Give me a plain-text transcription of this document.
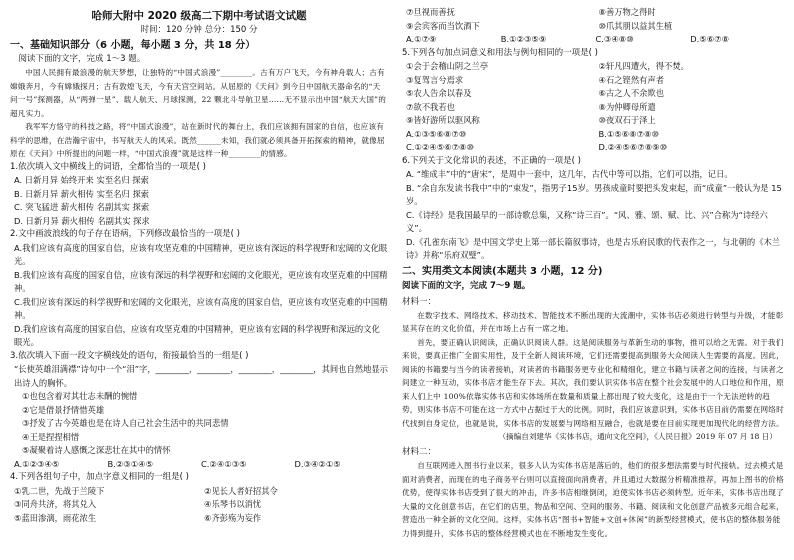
哈师大附中 2020 级高二下期中考试语文试题
时间：120 分钟 总分：150 分
一、基础知识部分（6 小题，每小题 3 分，共 18 分）
阅读下面的文字，完成 1～3 题。

中国人民拥有最浪漫的航天梦想，让独特的“中国式浪漫”________。古有万户飞天，今有神舟载人；古有嫦娥奔月，今有嫦娥探月；古有敦煌飞天，今有天宫空间站。从屈原的《天问》到今日中国航天器命名的“天问一号”探测器，从“两弹一星”、载人航天、月球探测，22 颗北斗导航卫星……无不显示出中国“航天大国”的超凡实力。

我军军方恪守的科技之路，将“中国式浪漫”，站在新时代的舞台上，我们应该拥有国家的自信，也应该有科学的思维，在浩瀚宇宙中，书写航天人的风采。既然______未知，我们就必须具备开拓探索的精神，就像屈原在《天问》中所提出的问题一样，“中国式浪漫”就是这样一种________的情感。

1.依次填入文中横线上的词语，全都恰当的一项是( )

A. 日新月异 始终开来 实至名归 探索

B. 日新月异 薪火相传 实至名归 探索

C. 突飞猛进 薪火相传 名副其实 探索

D. 日新月异 薪火相传 名副其实 探求

2.文中画波浪线的句子存在语病，下列修改最恰当的一项是( )

A.我们应该有高度的国家自信，应该有攻坚克难的中国精神，更应该有深远的科学视野和宏阔的文化眼光。

B.我们应该有高度的国家自信，应该有深远的科学视野和宏阔的文化眼光，更应该有攻坚克难的中国精神。

C.我们应该有深远的科学视野和宏阔的文化眼光，应该有高度的国家自信，更应该有攻坚克难的中国精神。

D.我们应该有高度的国家自信，应该有攻坚克难的中国精神，更应该有宏阔的科学视野和深远的文化眼光。

3.依次填入下面一段文字横线处的语句，衔接最恰当的一组是( )

“长使英雄泪满襟”诗句中一个“泪”字，________，________，________，________，其间也自然地显示出诗人的胸怀。

①也包含着对其壮志未酬的惋惜

②它是借景抒情惜英雄

③抒发了古今英雄也是在诗人自己社会生活中的共同悲情

④王是捏捏相惜

⑤凝聚着诗人感慨之深悲壮在其中的情怀

A.①②③④⑤	B.②③①④⑤	C.②④①③⑤	D.③④②①⑤

4.下列各组句子中，加点字意义相同的一组是( )

①乳二世，先战于兰陵下	②见长人者好招其令

③同舟共济，将其兑入	④乐琴书以消忧

⑤蓝田渗漓，雨花浓生	⑥齐彭殇为妄作

⑦旦视而善抚	⑧善万物之得时

⑨会宾客而当饮酒下	⑩爪其朋以益其生植

A.①⑦⑨	B.①②③⑤⑨	C.③④⑧⑩	D.⑤⑥⑦⑧

5.下列各句加点词意义和用法与例句相同的一项是( )

①会于会稽山阴之兰亭	②轩凡四遭火，得不焚。

③复驾言兮焉求	④石之铿然有声者

⑤农人告余以春及	⑥古之人不余欺也

⑦欲不我若也	⑧为仲卿母所遣

⑨皆好游所以驱风称	⑩夜双石于泽上

A.①③⑤⑥⑧⑦⑩	B.①⑤⑥⑧⑦⑧⑩

C.①②④⑤⑥⑦⑧⑩	D.②④⑤⑥⑦⑧⑨⑩

6.下列关于文化常识的表述，不正确的一项是( )

A. “维成丰”中的“唐宋”，是周中一套中，这几年，古代中等可以指，它们可以指，记日。

B. “余自东发读书我中”中的“束发”，指男子15岁。男孩成童时要把头发束起，而“成童”一般认为是 15 岁。

C.《诗经》是我国最早的一部诗歌总集，又称“诗三百”。“风、雅、颂、赋、比、兴”合称为“诗经六义”。

D.《孔雀东南飞》是中国文学史上第一部长篇叙事诗，也是古乐府民歌的代表作之一，与北朝的《木兰诗》并称“乐府双璧”。

二、实用类文本阅读(本题共 3 小题，12 分)
阅读下面的文字，完成 7～9 题。
材料一：

在数字技术、网络技术、移动技术、智能技术不断出现的大流潮中，实体书店必须进行转型与升级，才能彰显其存在的文化价值，并在市场上占有一席之地。

首先，要正确认识阅读，正确认识阅读人群。这是阅读服务与革新生动的事物，推可以给之无需。对于我们来说，要真正推广全面实用性，及于全新人阅读环境，它们还需要提高到服务大众阅读人生需要的高度。因此，阅读的书籍要与当今的读者接轨，对读者的书籍服务更专业化和精细化，建立书籍与读者之间的连接，与读者之间建立一种互动，实体书店才能生存下去。其次，我们要认识实体书店在整个社会发展中的人口地位和作用，原来人们上中 100%依靠实体书店和实体场所在数量和质量上都出现了较大变化，这是由于一个无法逆转的趋势，则实体书店不可能在这一方式中占据过于大的比例。同时，我们应该意识到，实体书店目前仍需要在网络时代找到自身定位，也就是说，实体书店的发展要与网络相互融合，也就是要在目前实现更加现代化的经营方法。

（摘编自刘建华《实体书店，通向文化空间》，《人民日报》2019 年 07 月 18 日）
材料二：

自互联网进入图书行业以来，很多人认为实体书店是落后的，他们的很多想法需要与时代接轨。过去模式是面对消费者，而现在的电子商务平台则可以直接面向消费者，并且通过大数据分析精准推荐，再加上图书的价格优势，使得实体书店受到了很大的冲击，许多书店相继倒闭，迫使实体书店必须转型。近年来，实体书店出现了大量的文化创意书店，在它们的店里，物品和空间、空间的服务、书籍、阅读和文化创意产品被多元组合起来，营造出一种全新的文化空间。这样，实体书店“图书+智能+文创+休闲”的新型经营模式，使书店的整体服务能力得到提升，实体书店的整体经营模式也在不断地发生变化。
